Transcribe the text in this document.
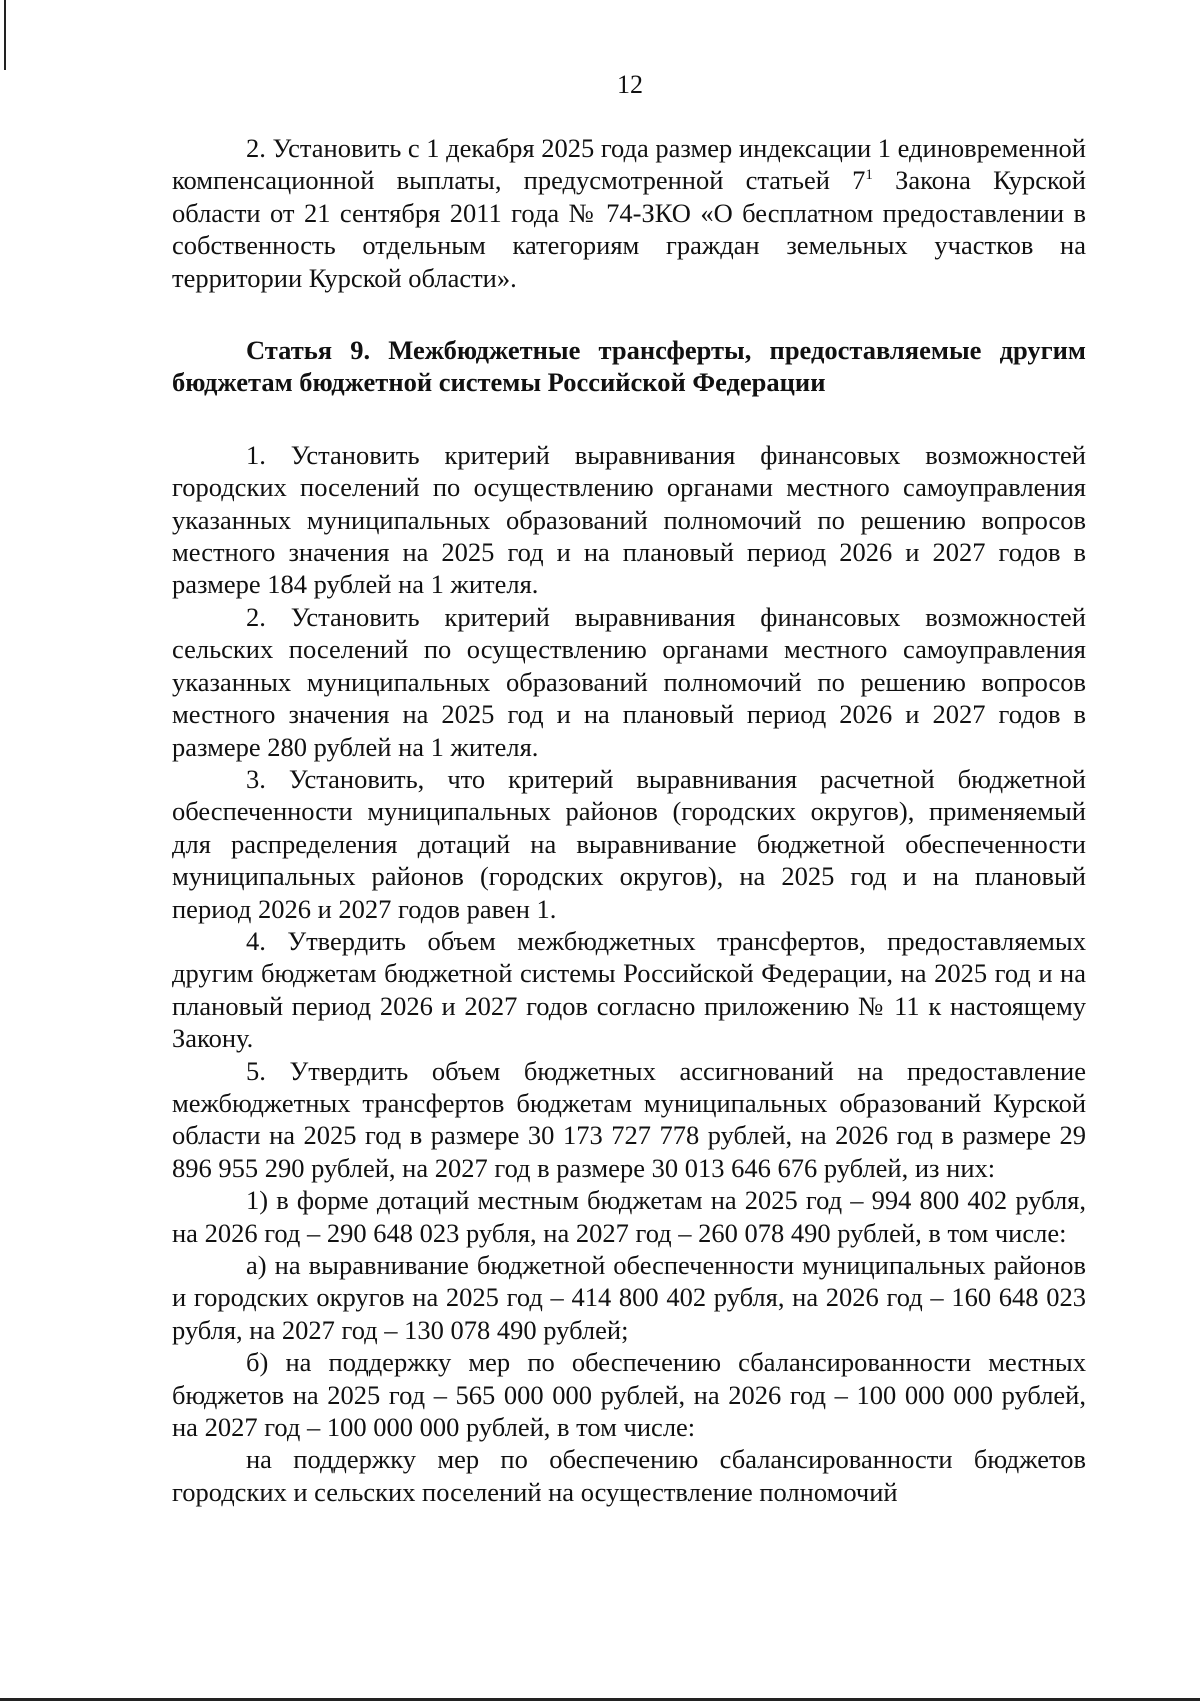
12

2. Установить с 1 декабря 2025 года размер индексации 1 единовременной компенсационной выплаты, предусмотренной статьей $7^1$ Закона Курской области от 21 сентября 2011 года № 74-ЗКО «О бесплатном предоставлении в собственность отдельным категориям граждан земельных участков на территории Курской области».

Статья 9. Межбюджетные трансферты, предоставляемые другим бюджетам бюджетной системы Российской Федерации

1. Установить критерий выравнивания финансовых возможностей городских поселений по осуществлению органами местного самоуправления указанных муниципальных образований полномочий по решению вопросов местного значения на 2025 год и на плановый период 2026 и 2027 годов в размере 184 рублей на 1 жителя.

2. Установить критерий выравнивания финансовых возможностей сельских поселений по осуществлению органами местного самоуправления указанных муниципальных образований полномочий по решению вопросов местного значения на 2025 год и на плановый период 2026 и 2027 годов в размере 280 рублей на 1 жителя.

3. Установить, что критерий выравнивания расчетной бюджетной обеспеченности муниципальных районов (городских округов), применяемый для распределения дотаций на выравнивание бюджетной обеспеченности муниципальных районов (городских округов), на 2025 год и на плановый период 2026 и 2027 годов равен 1.

4. Утвердить объем межбюджетных трансфертов, предоставляемых другим бюджетам бюджетной системы Российской Федерации, на 2025 год и на плановый период 2026 и 2027 годов согласно приложению № 11 к настоящему Закону.

5. Утвердить объем бюджетных ассигнований на предоставление межбюджетных трансфертов бюджетам муниципальных образований Курской области на 2025 год в размере 30 173 727 778 рублей, на 2026 год в размере 29 896 955 290 рублей, на 2027 год в размере 30 013 646 676 рублей, из них:

1) в форме дотаций местным бюджетам на 2025 год – 994 800 402 рубля, на 2026 год – 290 648 023 рубля, на 2027 год – 260 078 490 рублей, в том числе:

а) на выравнивание бюджетной обеспеченности муниципальных районов и городских округов на 2025 год – 414 800 402 рубля, на 2026 год – 160 648 023 рубля, на 2027 год – 130 078 490 рублей;

б) на поддержку мер по обеспечению сбалансированности местных бюджетов на 2025 год – 565 000 000 рублей, на 2026 год – 100 000 000 рублей, на 2027 год – 100 000 000 рублей, в том числе:

на поддержку мер по обеспечению сбалансированности бюджетов городских и сельских поселений на осуществление полномочий
